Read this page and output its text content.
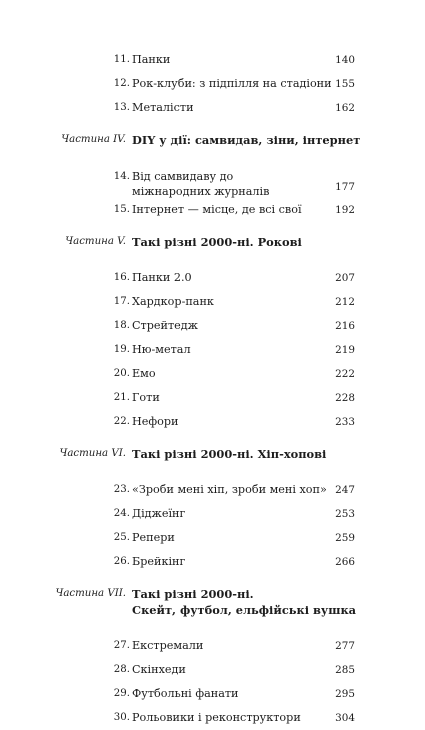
11. Панки	140
12. Рок-клуби: з підпілля на стадіони 155
13. Металісти	162
Частина IV. DIY у дії: самвидав, зіни, інтернет
14. Від самвидаву до міжнародних журналів	177
15. Інтернет — місце, де всі свої	192
Частина V. Такі різні 2000-ні. Рокові
16. Панки 2.0	207
17. Хардкор-панк	212
18. Стрейтедж	216
19. Ню-метал	219
20. Емо	222
21. Готи	228
22. Нефори	233
Частина VI. Такі різні 2000-ні. Хіп-хопові
23. «Зроби мені хіп, зроби мені хоп» 247
24. Діджеїнг	253
25. Репери	259
26. Брейкінг	266
Частина VII. Такі різні 2000-ні.
Скейт, футбол, ельфійські вушка
27. Екстремали	277
28. Скінхеди	285
29. Футбольні фанати	295
30. Рольовики і реконструктори	304
